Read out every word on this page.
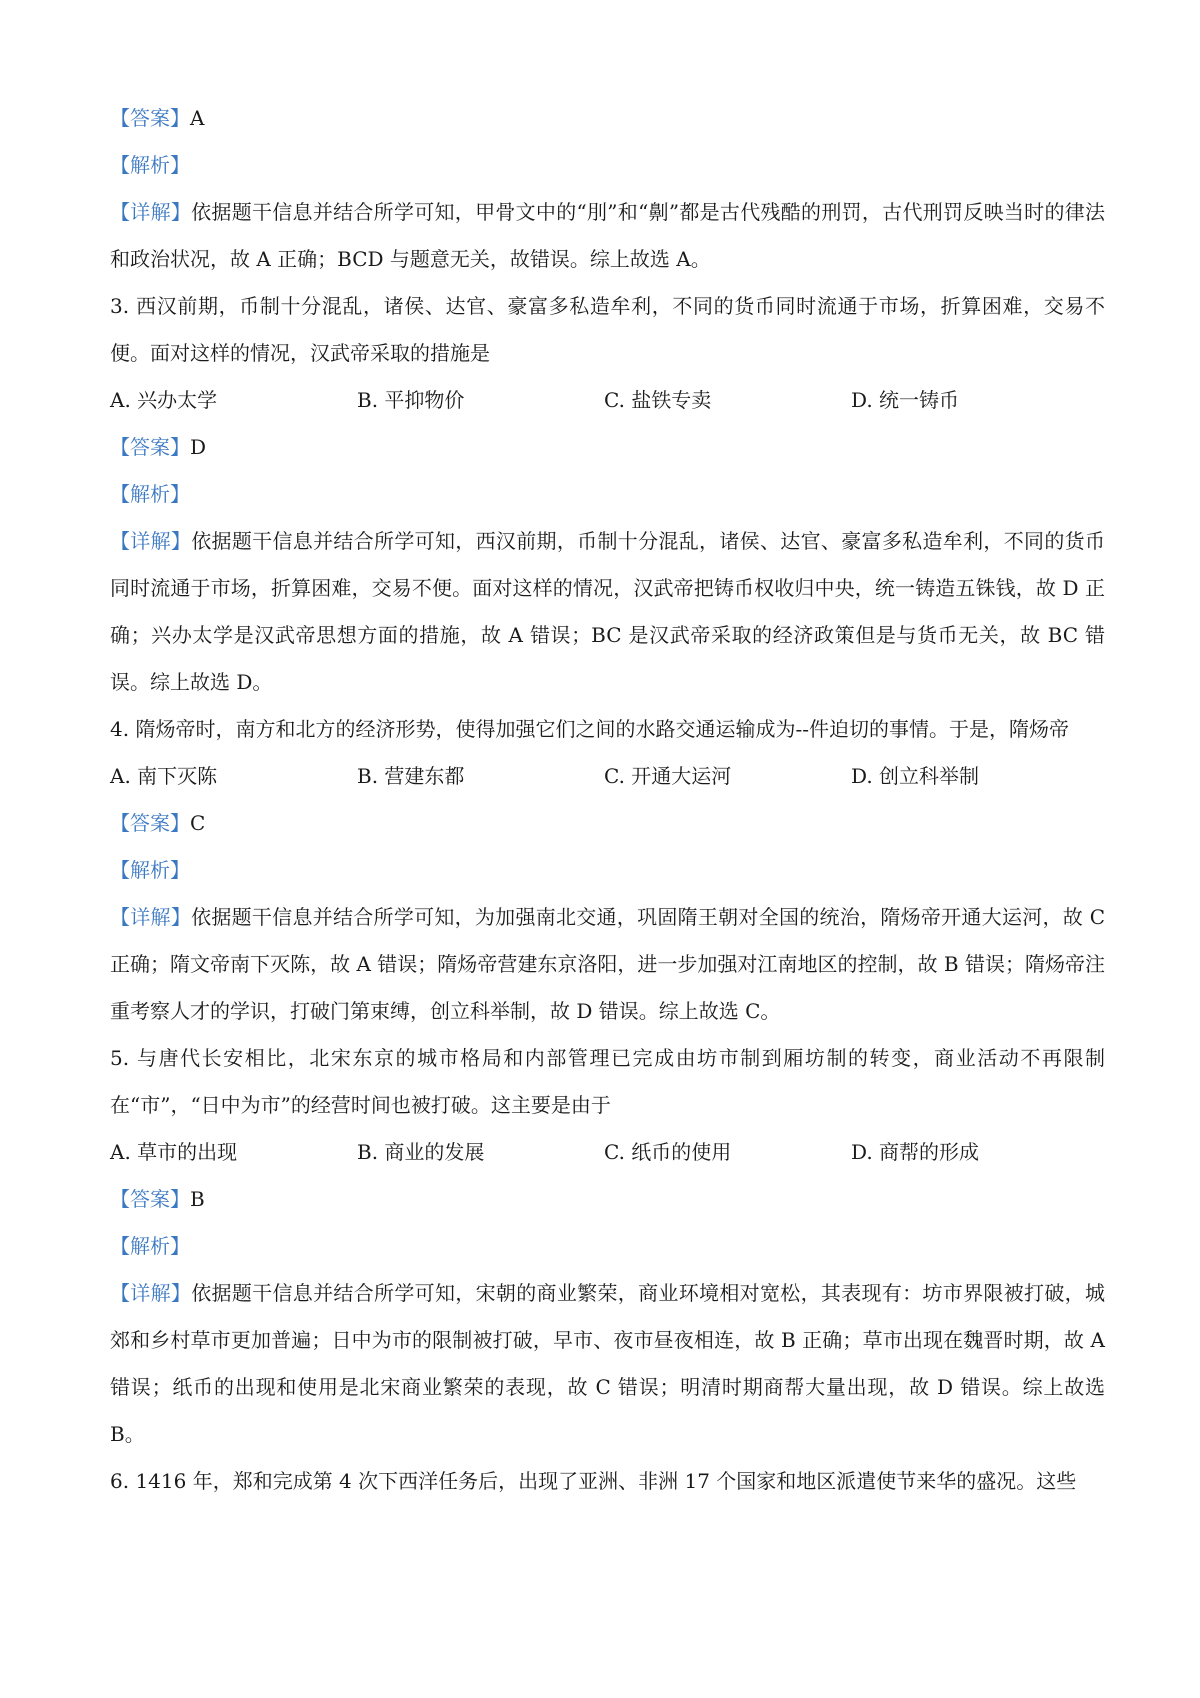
【答案】A
【解析】
【详解】依据题干信息并结合所学可知，甲骨文中的“刖”和“劓”都是古代残酷的刑罚，古代刑罚反映当时的律法和政治状况，故 A 正确；BCD 与题意无关，故错误。综上故选 A。
3. 西汉前期，币制十分混乱，诸侯、达官、豪富多私造牟利，不同的货币同时流通于市场，折算困难，交易不便。面对这样的情况，汉武帝采取的措施是
A. 兴办太学	B. 平抑物价	C. 盐铁专卖	D. 统一铸币
【答案】D
【解析】
【详解】依据题干信息并结合所学可知，西汉前期，币制十分混乱，诸侯、达官、豪富多私造牟利，不同的货币同时流通于市场，折算困难，交易不便。面对这样的情况，汉武帝把铸币权收归中央，统一铸造五铢钱，故 D 正确；兴办太学是汉武帝思想方面的措施，故 A 错误；BC 是汉武帝采取的经济政策但是与货币无关，故 BC 错误。综上故选 D。
4. 隋炀帝时，南方和北方的经济形势，使得加强它们之间的水路交通运输成为--件迫切的事情。于是，隋炀帝
A. 南下灭陈	B. 营建东都	C. 开通大运河	D. 创立科举制
【答案】C
【解析】
【详解】依据题干信息并结合所学可知，为加强南北交通，巩固隋王朝对全国的统治，隋炀帝开通大运河，故 C 正确；隋文帝南下灭陈，故 A 错误；隋炀帝营建东京洛阳，进一步加强对江南地区的控制，故 B 错误；隋炀帝注重考察人才的学识，打破门第束缚，创立科举制，故 D 错误。综上故选 C。
5. 与唐代长安相比，北宋东京的城市格局和内部管理已完成由坊市制到厢坊制的转变，商业活动不再限制在“市”，“日中为市”的经营时间也被打破。这主要是由于
A. 草市的出现	B. 商业的发展	C. 纸币的使用	D. 商帮的形成
【答案】B
【解析】
【详解】依据题干信息并结合所学可知，宋朝的商业繁荣，商业环境相对宽松，其表现有：坊市界限被打破，城郊和乡村草市更加普遍；日中为市的限制被打破，早市、夜市昼夜相连，故 B 正确；草市出现在魏晋时期，故 A 错误；纸币的出现和使用是北宋商业繁荣的表现，故 C 错误；明清时期商帮大量出现，故 D 错误。综上故选 B。
6. 1416 年，郑和完成第 4 次下西洋任务后，出现了亚洲、非洲 17 个国家和地区派遣使节来华的盛况。这些
